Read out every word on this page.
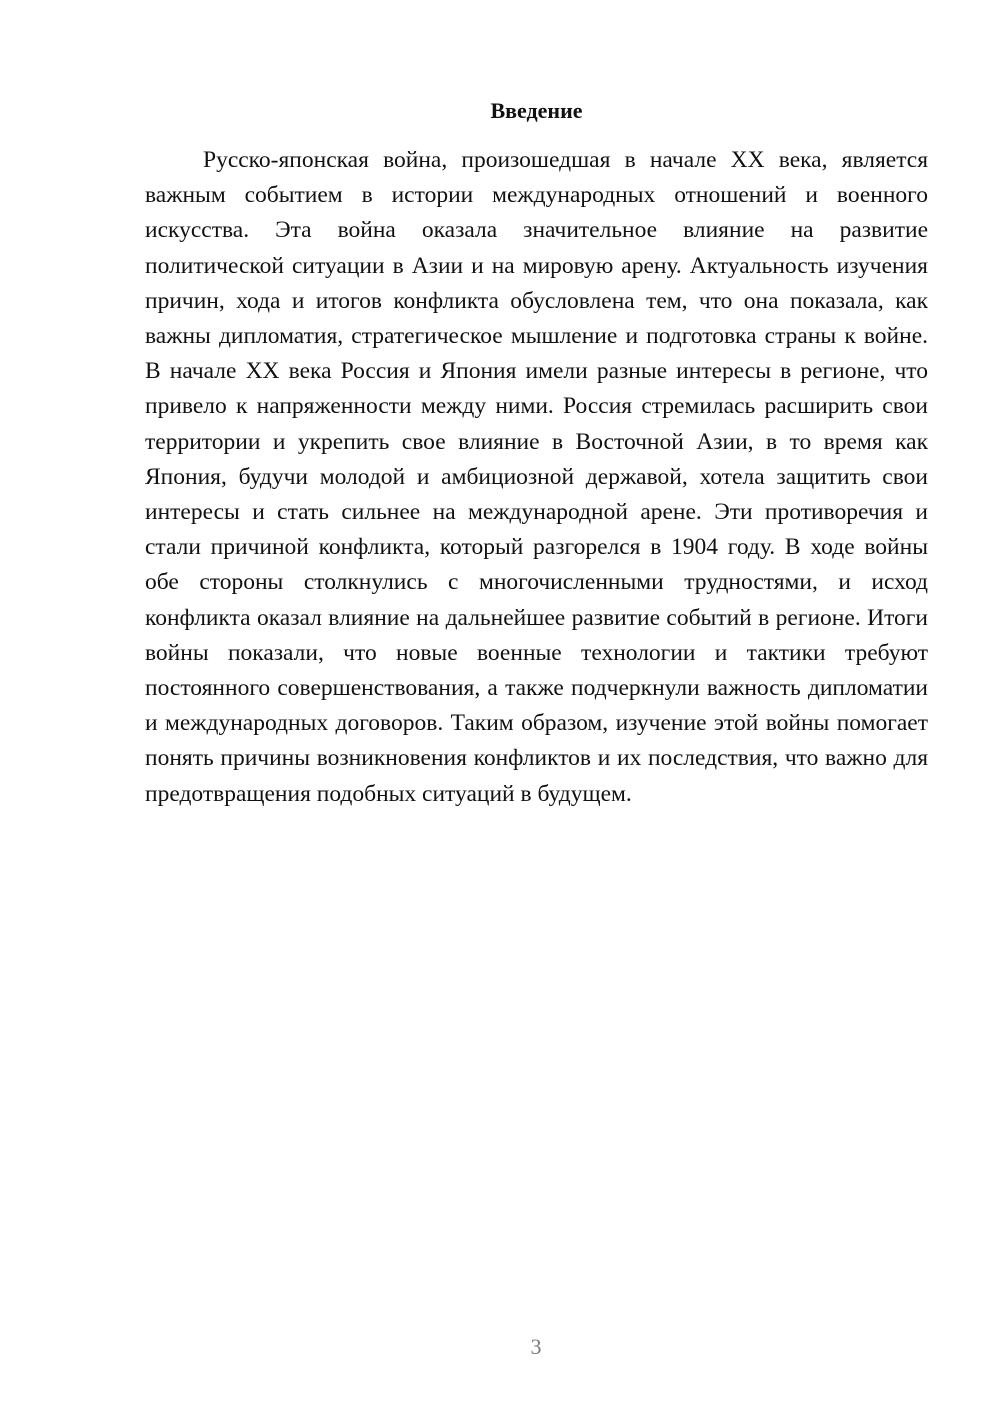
Введение

Русско-японская война, произошедшая в начале XX века, является важным событием в истории международных отношений и военного искусства. Эта война оказала значительное влияние на развитие политической ситуации в Азии и на мировую арену. Актуальность изучения причин, хода и итогов конфликта обусловлена тем, что она показала, как важны дипломатия, стратегическое мышление и подготовка страны к войне. В начале XX века Россия и Япония имели разные интересы в регионе, что привело к напряженности между ними. Россия стремилась расширить свои территории и укрепить свое влияние в Восточной Азии, в то время как Япония, будучи молодой и амбициозной державой, хотела защитить свои интересы и стать сильнее на международной арене. Эти противоречия и стали причиной конфликта, который разгорелся в 1904 году. В ходе войны обе стороны столкнулись с многочисленными трудностями, и исход конфликта оказал влияние на дальнейшее развитие событий в регионе. Итоги войны показали, что новые военные технологии и тактики требуют постоянного совершенствования, а также подчеркнули важность дипломатии и международных договоров. Таким образом, изучение этой войны помогает понять причины возникновения конфликтов и их последствия, что важно для предотвращения подобных ситуаций в будущем.

3
